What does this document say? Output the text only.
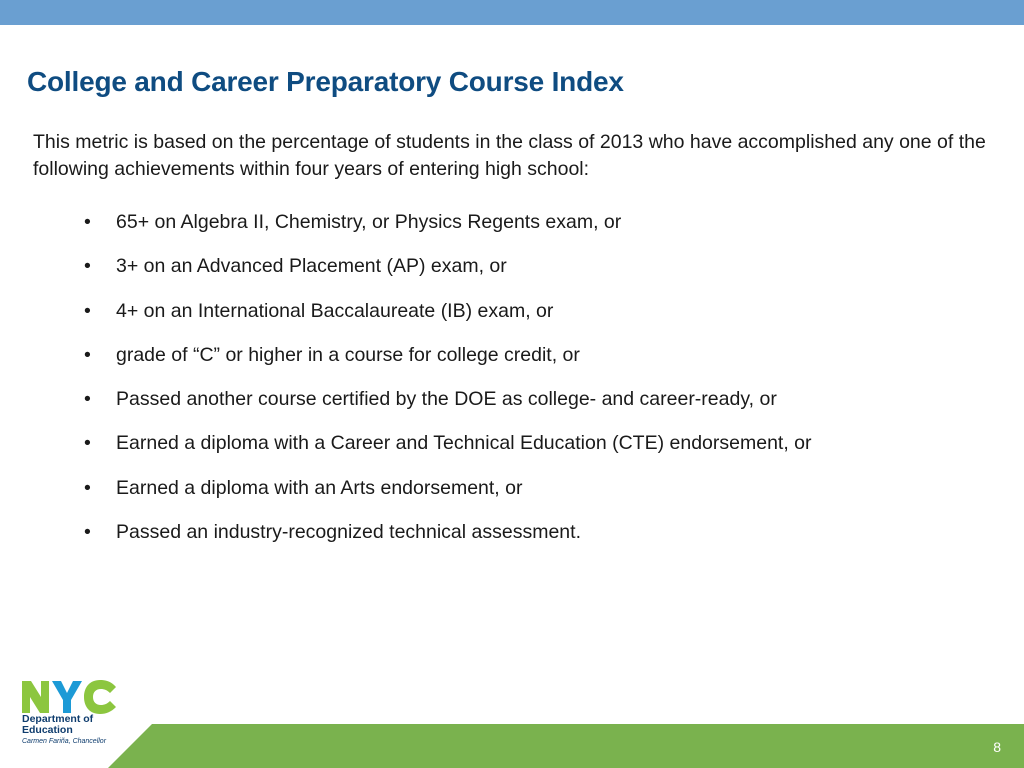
College and Career Preparatory Course Index

This metric is based on the percentage of students in the class of 2013 who have accomplished any one of the following achievements within four years of entering high school:

•	65+ on Algebra II, Chemistry, or Physics Regents exam, or
•	3+ on an Advanced Placement (AP) exam, or
•	4+ on an International Baccalaureate (IB) exam, or
•	grade of “C” or higher in a course for college credit, or
•	Passed another course certified by the DOE as college- and career-ready, or
•	Earned a diploma with a Career and Technical Education (CTE) endorsement, or
•	Earned a diploma with an Arts endorsement, or
•	Passed an industry-recognized technical assessment.
8
Department of
Education
Carmen Fariña, Chancellor
